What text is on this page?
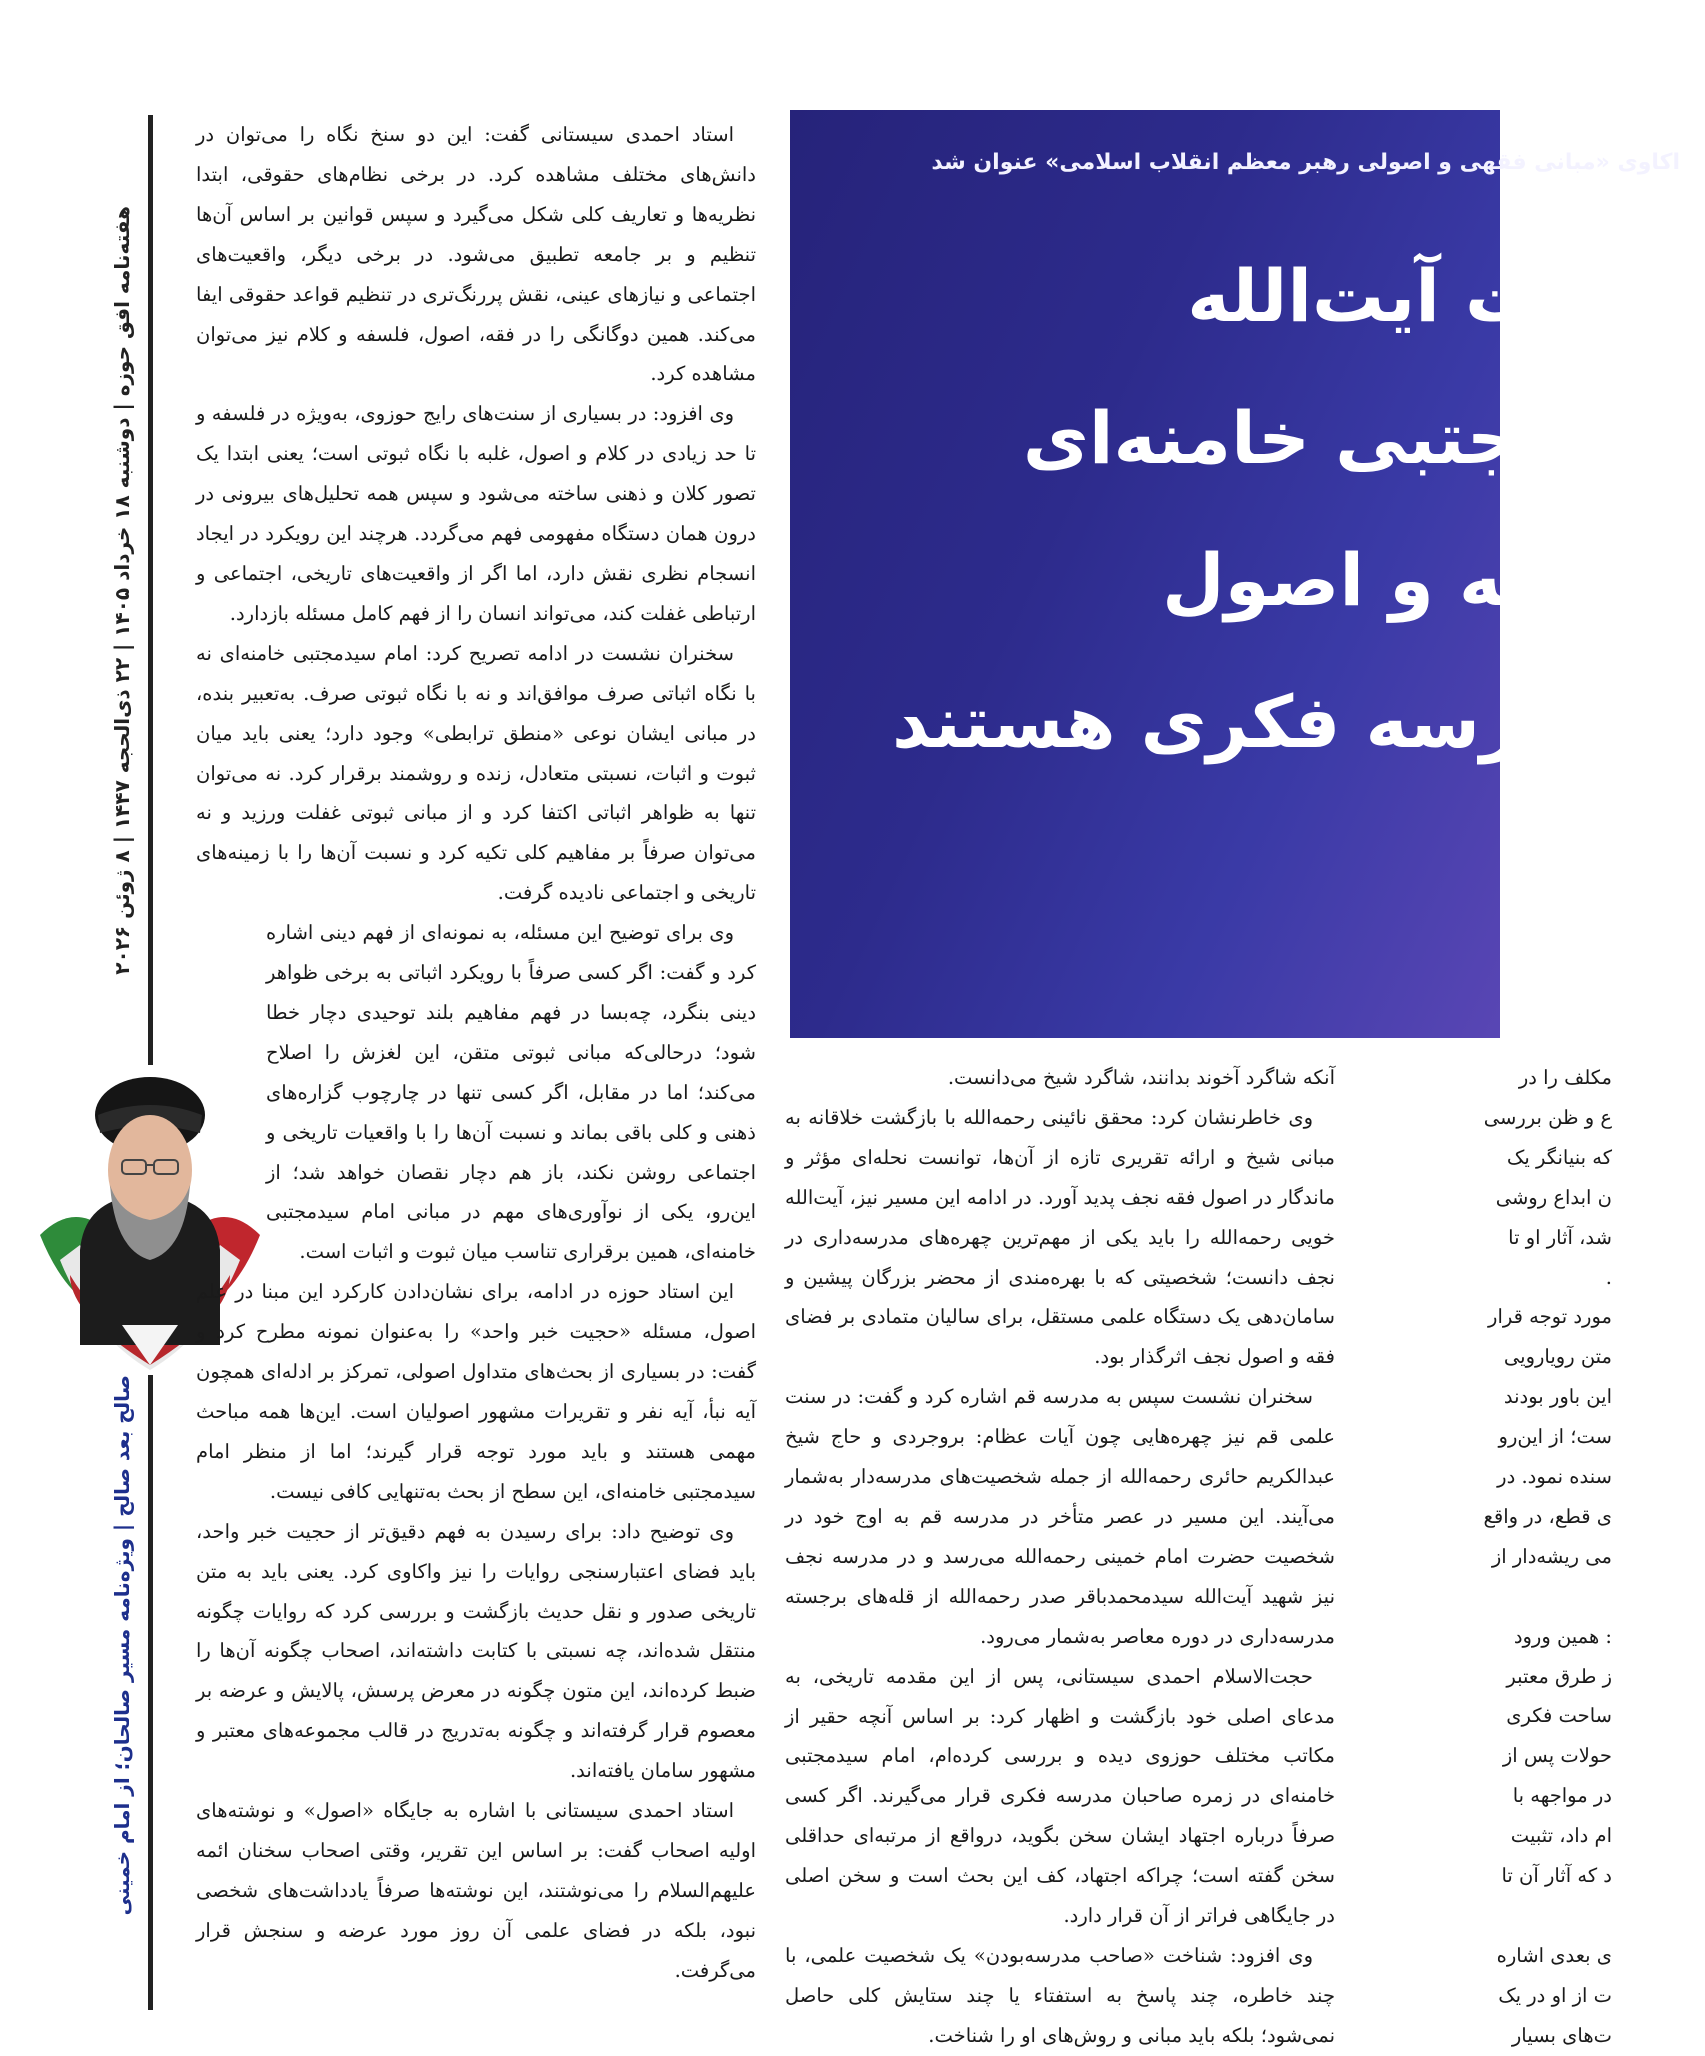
هفته‌نامه افق حوزه | دوشنبه ۱۸ خرداد ۱۴۰۵ | ۲۲ ذی‌الحجه ۱۴۴۷ | ۸ ژوئن ۲۰۲۶
صالح بعد صالح | ویژه‌نامه مسیر صالحان؛ از امام خمینی

استاد احمدی سیستانی گفت: این دو سنخ نگاه را می‌توان در دانش‌های مختلف مشاهده کرد. در برخی نظام‌های حقوقی، ابتدا نظریه‌ها و تعاریف کلی شکل می‌گیرد و سپس قوانین بر اساس آن‌ها تنظیم و بر جامعه تطبیق می‌شود. در برخی دیگر، واقعیت‌های اجتماعی و نیازهای عینی، نقش پررنگ‌تری در تنظیم قواعد حقوقی ایفا می‌کند. همین دوگانگی را در فقه، اصول، فلسفه و کلام نیز می‌توان مشاهده کرد.

وی افزود: در بسیاری از سنت‌های رایج حوزوی، به‌ویژه در فلسفه و تا حد زیادی در کلام و اصول، غلبه با نگاه ثبوتی است؛ یعنی ابتدا یک تصور کلان و ذهنی ساخته می‌شود و سپس همه تحلیل‌های بیرونی در درون همان دستگاه مفهومی فهم می‌گردد. هرچند این رویکرد در ایجاد انسجام نظری نقش دارد، اما اگر از واقعیت‌های تاریخی، اجتماعی و ارتباطی غفلت کند، می‌تواند انسان را از فهم کامل مسئله بازدارد.

سخنران نشست در ادامه تصریح کرد: امام سیدمجتبی خامنه‌ای نه با نگاه اثباتی صرف موافق‌اند و نه با نگاه ثبوتی صرف. به‌تعبیر بنده، در مبانی ایشان نوعی «منطق ترابطی» وجود دارد؛ یعنی باید میان ثبوت و اثبات، نسبتی متعادل، زنده و روشمند برقرار کرد. نه می‌توان تنها به ظواهر اثباتی اکتفا کرد و از مبانی ثبوتی غفلت ورزید و نه می‌توان صرفاً بر مفاهیم کلی تکیه کرد و نسبت آن‌ها را با زمینه‌های تاریخی و اجتماعی نادیده گرفت.

وی برای توضیح این مسئله، به نمونه‌ای از فهم دینی اشاره کرد و گفت: اگر کسی صرفاً با رویکرد اثباتی به برخی ظواهر دینی بنگرد، چه‌بسا در فهم مفاهیم بلند توحیدی دچار خطا شود؛ درحالی‌که مبانی ثبوتی متقن، این لغزش را اصلاح می‌کند؛ اما در مقابل، اگر کسی تنها در چارچوب گزاره‌های ذهنی و کلی باقی بماند و نسبت آن‌ها را با واقعیات تاریخی و اجتماعی روشن نکند، باز هم دچار نقصان خواهد شد؛ از این‌رو، یکی از نوآوری‌های مهم در مبانی امام سیدمجتبی خامنه‌ای، همین برقراری تناسب میان ثبوت و اثبات است.

این استاد حوزه در ادامه، برای نشان‌دادن کارکرد این مبنا در علم اصول، مسئله «حجیت خبر واحد» را به‌عنوان نمونه مطرح کرد و گفت: در بسیاری از بحث‌های متداول اصولی، تمرکز بر ادله‌ای همچون آیه نبأ، آیه نفر و تقریرات مشهور اصولیان است. این‌ها همه مباحث مهمی هستند و باید مورد توجه قرار گیرند؛ اما از منظر امام سیدمجتبی خامنه‌ای، این سطح از بحث به‌تنهایی کافی نیست.

وی توضیح داد: برای رسیدن به فهم دقیق‌تر از حجیت خبر واحد، باید فضای اعتبارسنجی روایات را نیز واکاوی کرد. یعنی باید به متن تاریخی صدور و نقل حدیث بازگشت و بررسی کرد که روایات چگونه منتقل شده‌اند، چه نسبتی با کتابت داشته‌اند، اصحاب چگونه آن‌ها را ضبط کرده‌اند، این متون چگونه در معرض پرسش، پالایش و عرضه بر معصوم قرار گرفته‌اند و چگونه به‌تدریج در قالب مجموعه‌های معتبر و مشهور سامان یافته‌اند.

استاد احمدی سیستانی با اشاره به جایگاه «اصول» و نوشته‌های اولیه اصحاب گفت: بر اساس این تقریر، وقتی اصحاب سخنان ائمه علیهم‌السلام را می‌نوشتند، این نوشته‌ها صرفاً یادداشت‌های شخصی نبود، بلکه در فضای علمی آن روز مورد عرضه و سنجش قرار می‌گرفت.

اکاوی «مبانی فقهی و اصولی رهبر معظم انقلاب اسلامی» عنوان شد
حضرت آیت‌الله
سیدمجتبی خامنه‌ای
در فقه و اصول
ب مدرسه فکری هستند

آنکه شاگرد آخوند بدانند، شاگرد شیخ می‌دانست.

وی خاطرنشان کرد: محقق نائینی رحمه‌الله با بازگشت خلاقانه به مبانی شیخ و ارائه تقریری تازه از آن‌ها، توانست نحله‌ای مؤثر و ماندگار در اصول فقه نجف پدید آورد. در ادامه این مسیر نیز، آیت‌الله خویی رحمه‌الله را باید یکی از مهم‌ترین چهره‌های مدرسه‌داری در نجف دانست؛ شخصیتی که با بهره‌مندی از محضر بزرگان پیشین و سامان‌دهی یک دستگاه علمی مستقل، برای سالیان متمادی بر فضای فقه و اصول نجف اثرگذار بود.

سخنران نشست سپس به مدرسه قم اشاره کرد و گفت: در سنت علمی قم نیز چهره‌هایی چون آیات عظام: بروجردی و حاج شیخ عبدالکریم حائری رحمه‌الله از جمله شخصیت‌های مدرسه‌دار به‌شمار می‌آیند. این مسیر در عصر متأخر در مدرسه قم به اوج خود در شخصیت حضرت امام خمینی رحمه‌الله می‌رسد و در مدرسه نجف نیز شهید آیت‌الله سیدمحمدباقر صدر رحمه‌الله از قله‌های برجسته مدرسه‌داری در دوره معاصر به‌شمار می‌رود.

حجت‌الاسلام احمدی سیستانی، پس از این مقدمه تاریخی، به مدعای اصلی خود بازگشت و اظهار کرد: بر اساس آنچه حقیر از مکاتب مختلف حوزوی دیده و بررسی کرده‌ام، امام سیدمجتبی خامنه‌ای در زمره صاحبان مدرسه فکری قرار می‌گیرند. اگر کسی صرفاً درباره اجتهاد ایشان سخن بگوید، درواقع از مرتبه‌ای حداقلی سخن گفته است؛ چراکه اجتهاد، کف این بحث است و سخن اصلی در جایگاهی فراتر از آن قرار دارد.

وی افزود: شناخت «صاحب مدرسه‌بودن» یک شخصیت علمی، با چند خاطره، چند پاسخ به استفتاء یا چند ستایش کلی حاصل نمی‌شود؛ بلکه باید مبانی و روش‌های او را شناخت.

مکلف را در

ع و ظن بررسی

که بنیانگر یک

ن ابداع روشی

شد، آثار او تا

.

مورد توجه قرار

متن رویارویی

این باور بودند

ست؛ از این‌رو

سنده نمود. در

ی قطع، در واقع

می ریشه‌دار از

: همین ورود

ز طرق معتبر

ساحت فکری

حولات پس از

در مواجهه با

ام داد، تثبیت

د که آثار آن تا

ی بعدی اشاره

ت از او در یک

ت‌های بسیار
